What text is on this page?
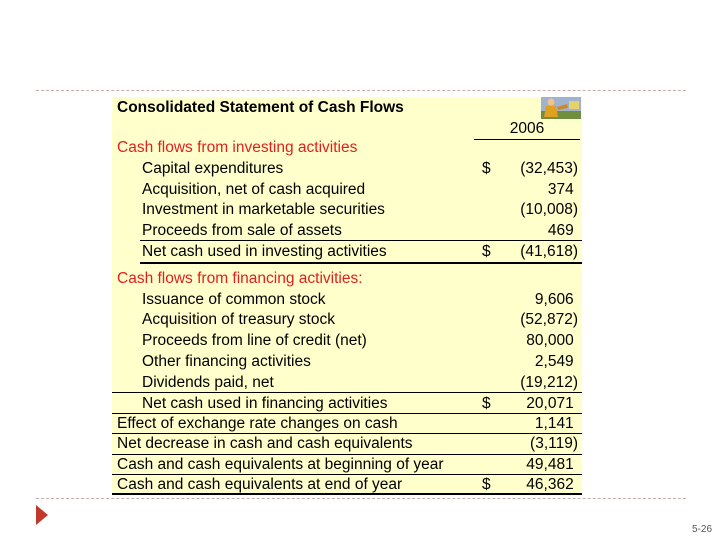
Consolidated Statement of Cash Flows
2006
Cash flows from investing activities
Capital expenditures	$ (32,453)
Acquisition, net of cash acquired	374
Investment in marketable securities	(10,008)
Proceeds from sale of assets	469
Net cash used in investing activities	$ (41,618)
Cash flows from financing activities:
Issuance of common stock	9,606
Acquisition of treasury stock	(52,872)
Proceeds from line of credit (net)	80,000
Other financing activities	2,549
Dividends paid, net	(19,212)
Net cash used in financing activities	$ 20,071
Effect of exchange rate changes on cash	1,141
Net decrease in cash and cash equivalents	(3,119)
Cash and cash equivalents at beginning of year	49,481
Cash and cash equivalents at end of year	$ 46,362
5-26
